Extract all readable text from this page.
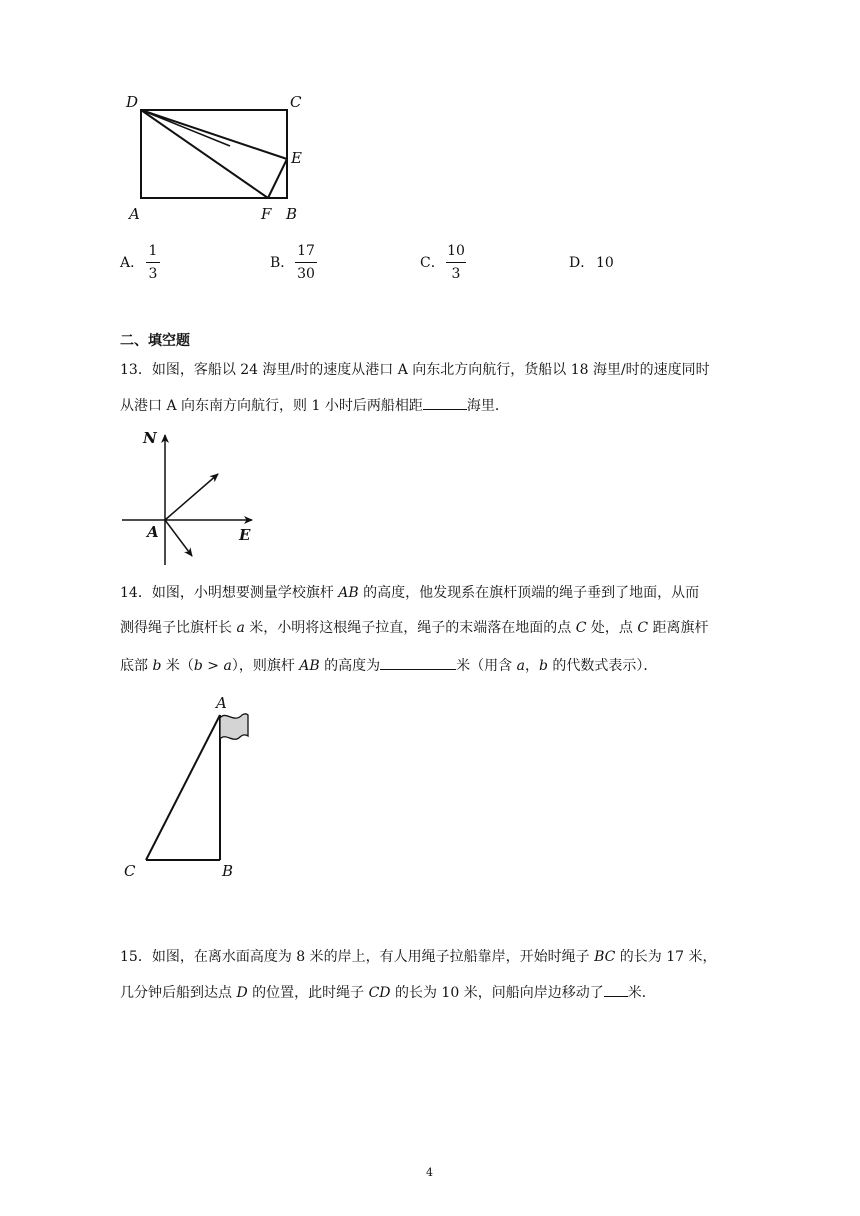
D	C
E
A	F B
A．
1
3
B．
17
30
C．
10
3
D． 10
二、填空题
13．如图，客船以 24 海里/时的速度从港口 A 向东北方向航行，货船以 18 海里/时的速度同时
从港口 A 向东南方向航行，则 1 小时后两船相距	海里．
N
A	E
14．如图，小明想要测量学校旗杆 AB 的高度，他发现系在旗杆顶端的绳子垂到了地面，从而
测得绳子比旗杆长 a 米，小明将这根绳子拉直，绳子的末端落在地面的点 C 处，点 C 距离旗杆
底部 b 米（b > a），则旗杆 AB 的高度为	米（用含 a，b 的代数式表示）．
A
B
C
15．如图，在离水面高度为 8 米的岸上，有人用绳子拉船靠岸，开始时绳子 BC 的长为 17 米，
几分钟后船到达点 D 的位置，此时绳子 CD 的长为 10 米，问船向岸边移动了 米．
4
